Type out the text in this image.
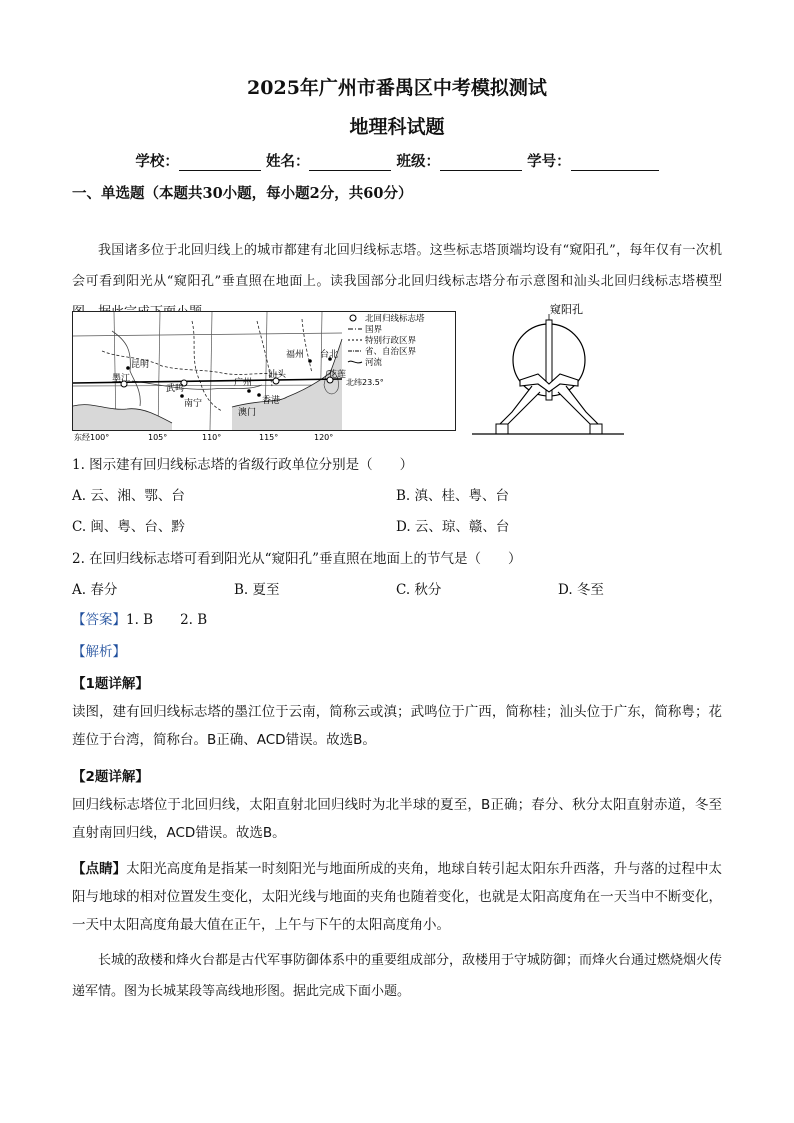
2025年广州市番禺区中考模拟测试
地理科试题
学校：	姓名：	班级：	学号：
一、单选题（本题共30小题，每小题2分，共60分）
我国诸多位于北回归线上的城市都建有北回归线标志塔。这些标志塔顶端均设有“窥阳孔”，每年仅有一次机会可看到阳光从“窥阳孔”垂直照在地面上。读我国部分北回归线标志塔分布示意图和汕头北回归线标志塔模型
昆明
墨江
武鸣
南宁
广州
汕头
福州
香港
澳门
台北
花莲
北纬23.5°
东经100°	105°	110°	115°	120°
北回归线标志塔
国界
特别行政区界
省、自治区界
河流
窥阳孔
1. 图示建有回归线标志塔的省级行政单位分别是（　　）
A. 云、湘、鄂、台	B. 滇、桂、粤、台
C. 闽、粤、台、黔	D. 云、琼、赣、台
2. 在回归线标志塔可看到阳光从“窥阳孔”垂直照在地面上的节气是（　　）
A. 春分	B. 夏至	C. 秋分	D. 冬至
【答案】1. B　　2. B
【解析】
【1题详解】
读图，建有回归线标志塔的墨江位于云南，简称云或滇；武鸣位于广西，简称桂；汕头位于广东，简称粤；花莲位于台湾，简称台。B正确、ACD错误。故选B。
【2题详解】
回归线标志塔位于北回归线，太阳直射北回归线时为北半球的夏至，B正确；春分、秋分太阳直射赤道，冬至直射南回归线，ACD错误。故选B。
【点睛】太阳光高度角是指某一时刻阳光与地面所成的夹角，地球自转引起太阳东升西落，升与落的过程中太阳与地球的相对位置发生变化，太阳光线与地面的夹角也随着变化，也就是太阳高度角在一天当中不断变化，一天中太阳高度角最大值在正午，上午与下午的太阳高度角小。
长城的敌楼和烽火台都是古代军事防御体系中的重要组成部分，敌楼用于守城防御；而烽火台通过燃烧烟火传递军情。图为长城某段等高线地形图。据此完成下面小题。
